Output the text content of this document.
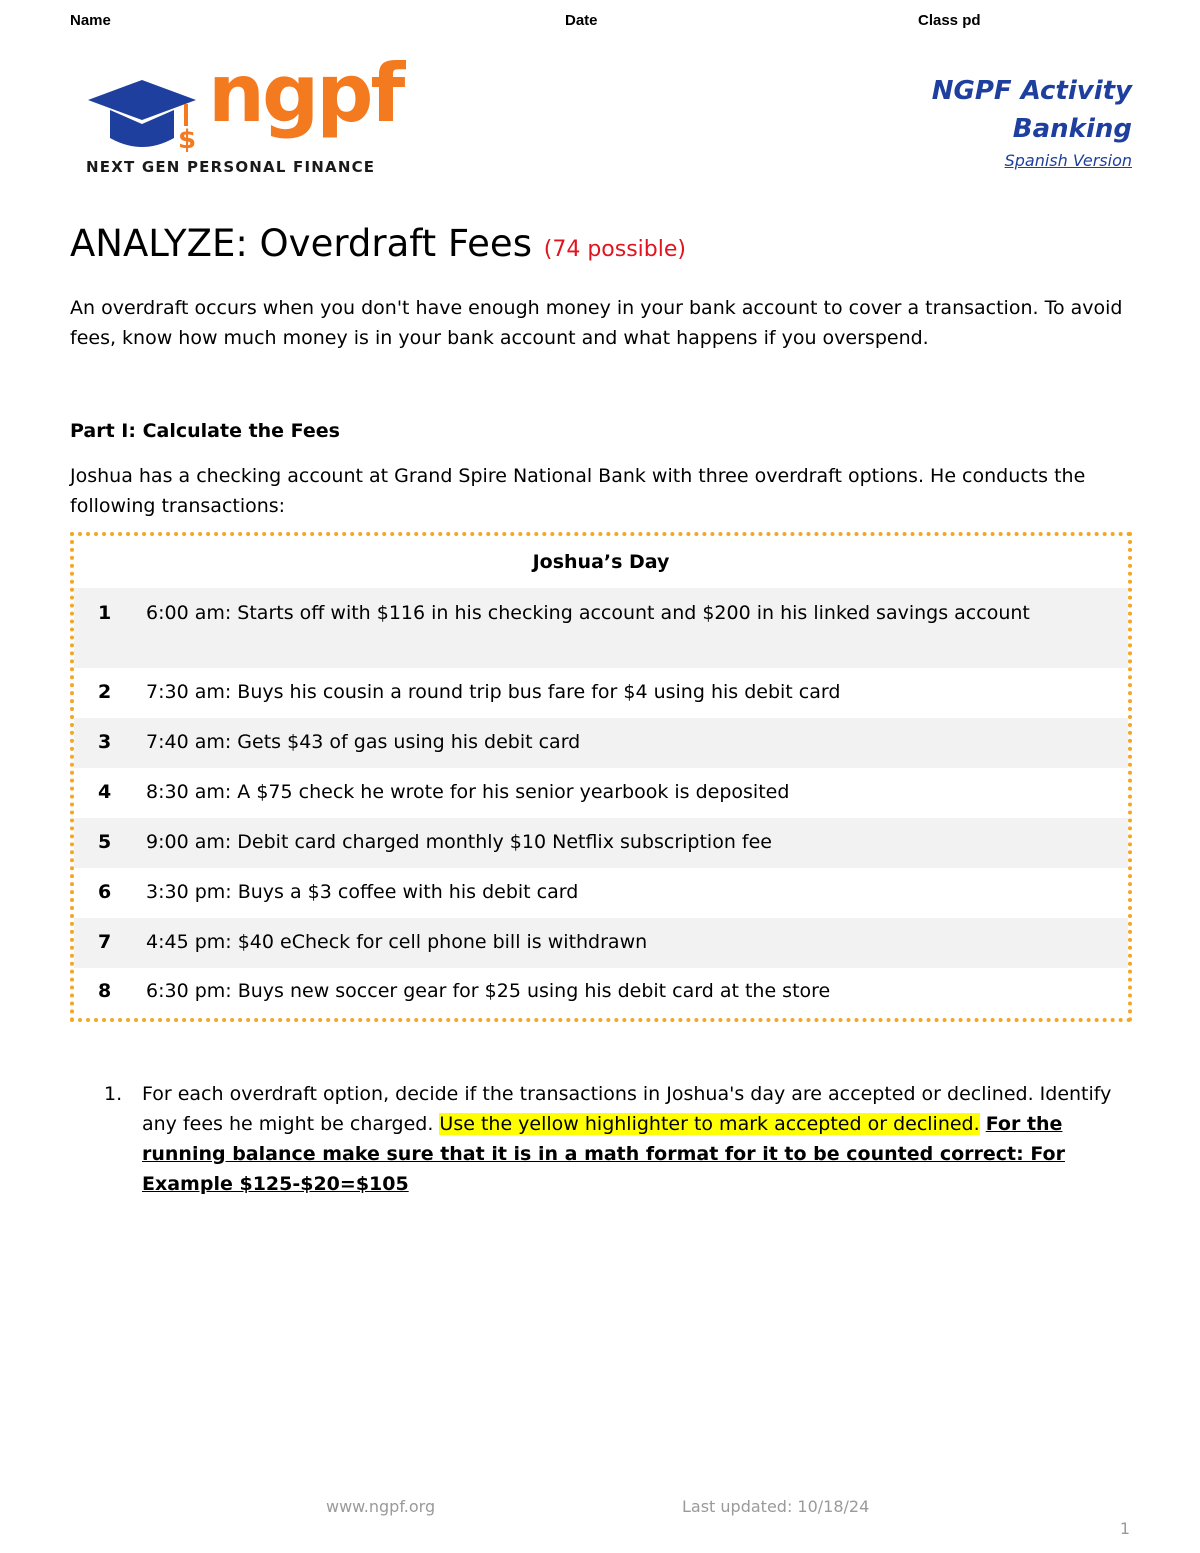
Name	Date	Class pd
$ ngpf
NEXT GEN PERSONAL FINANCE
NGPF Activity
Banking
Spanish Version
ANALYZE: Overdraft Fees (74 possible)
An overdraft occurs when you don't have enough money in your bank account to cover a transaction. To avoid fees, know how much money is in your bank account and what happens if you overspend.
Part I: Calculate the Fees
Joshua has a checking account at Grand Spire National Bank with three overdraft options. He conducts the following transactions:
Joshua’s Day
1	6:00 am: Starts off with $116 in his checking account and $200 in his linked savings account
2	7:30 am: Buys his cousin a round trip bus fare for $4 using his debit card
3	7:40 am: Gets $43 of gas using his debit card
4	8:30 am: A $75 check he wrote for his senior yearbook is deposited
5	9:00 am: Debit card charged monthly $10 Netflix subscription fee
6	3:30 pm: Buys a $3 coffee with his debit card
7	4:45 pm: $40 eCheck for cell phone bill is withdrawn
8	6:30 pm: Buys new soccer gear for $25 using his debit card at the store
1. For each overdraft option, decide if the transactions in Joshua's day are accepted or declined. Identify any fees he might be charged. Use the yellow highlighter to mark accepted or declined. For the running balance make sure that it is in a math format for it to be counted correct: For Example $125-$20=$105
www.ngpf.org	Last updated: 10/18/24
1
